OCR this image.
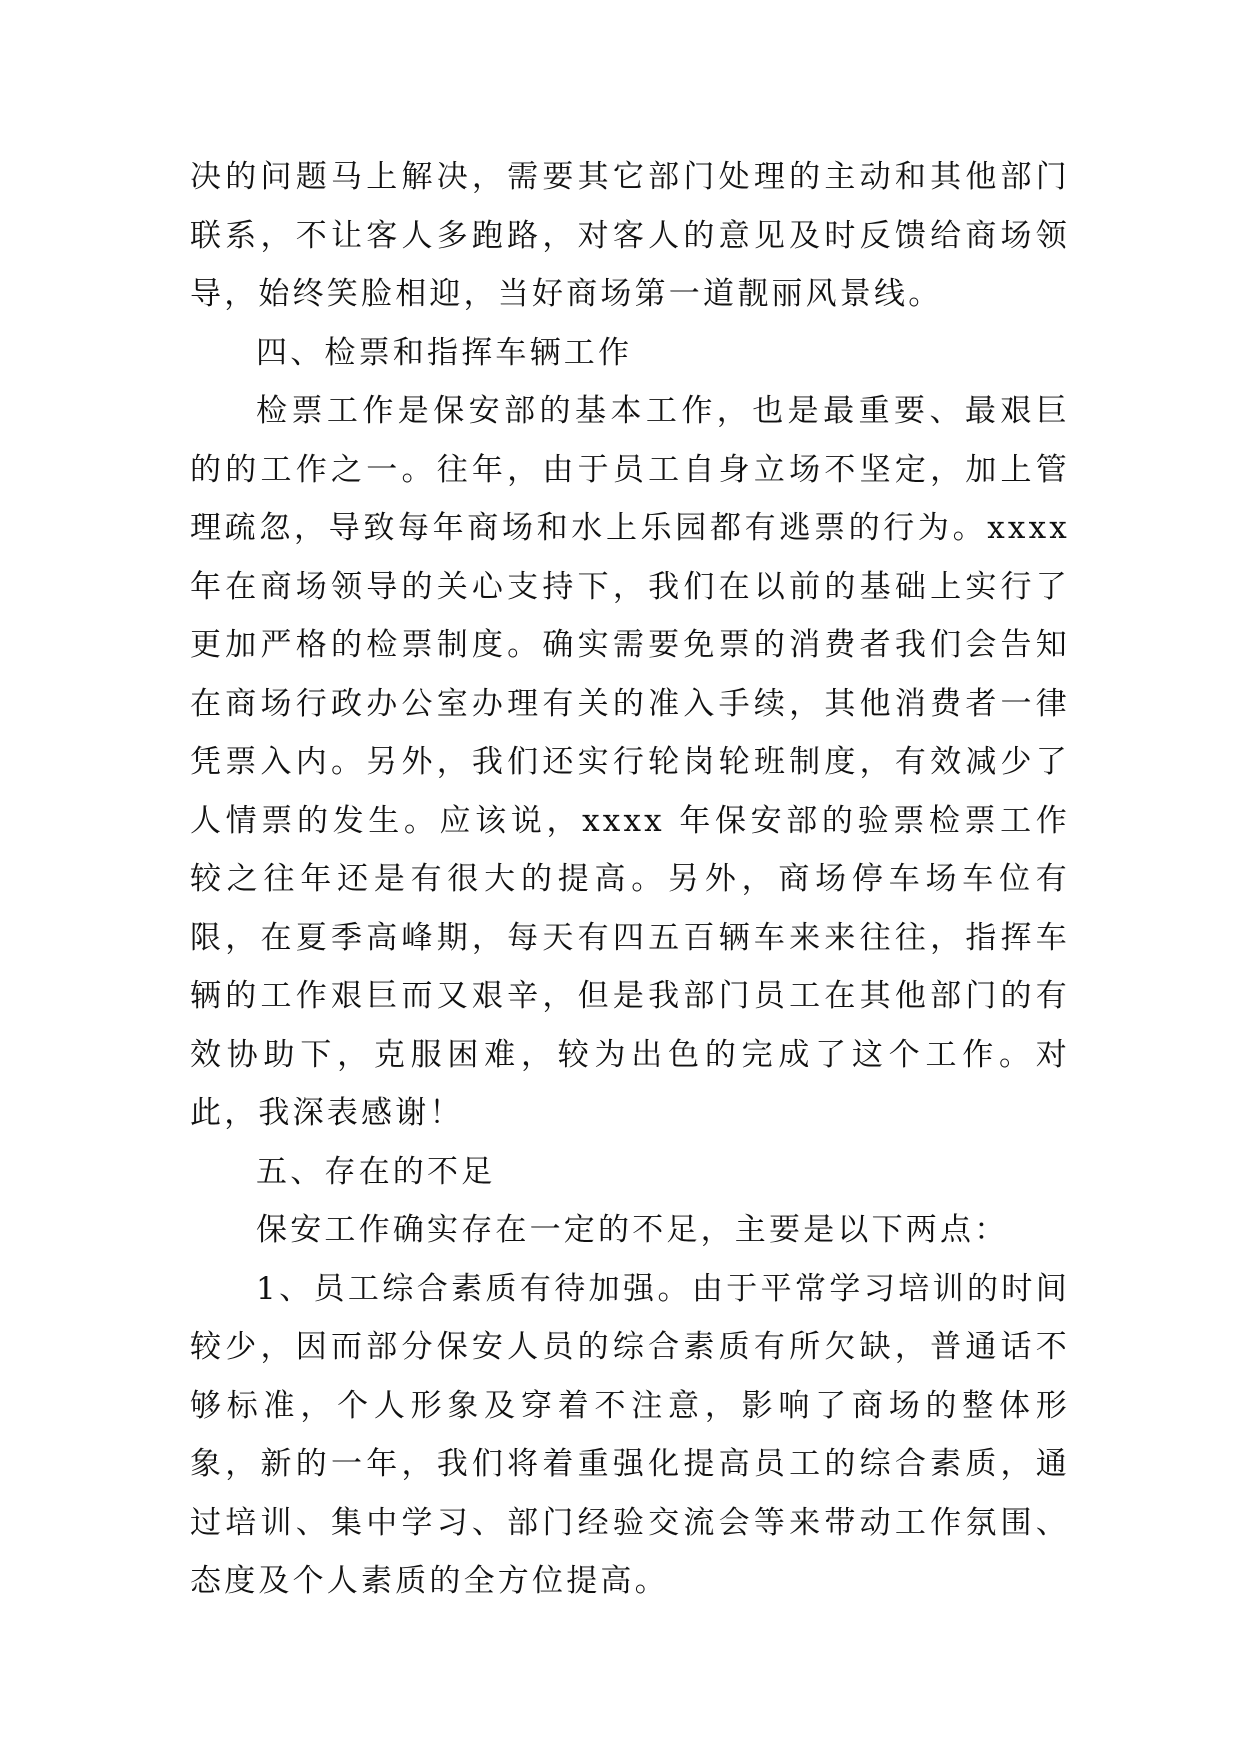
决的问题马上解决，需要其它部门处理的主动和其他部门联系，不让客人多跑路，对客人的意见及时反馈给商场领导，始终笑脸相迎，当好商场第一道靓丽风景线。

四、检票和指挥车辆工作

检票工作是保安部的基本工作，也是最重要、最艰巨的的工作之一。往年，由于员工自身立场不坚定，加上管理疏忽，导致每年商场和水上乐园都有逃票的行为。xxxx 年在商场领导的关心支持下，我们在以前的基础上实行了更加严格的检票制度。确实需要免票的消费者我们会告知在商场行政办公室办理有关的准入手续，其他消费者一律凭票入内。另外，我们还实行轮岗轮班制度，有效减少了人情票的发生。应该说，xxxx 年保安部的验票检票工作较之往年还是有很大的提高。另外，商场停车场车位有限，在夏季高峰期，每天有四五百辆车来来往往，指挥车辆的工作艰巨而又艰辛，但是我部门员工在其他部门的有效协助下，克服困难，较为出色的完成了这个工作。对此，我深表感谢！

五、存在的不足

保安工作确实存在一定的不足，主要是以下两点：

1、员工综合素质有待加强。由于平常学习培训的时间较少，因而部分保安人员的综合素质有所欠缺，普通话不够标准，个人形象及穿着不注意，影响了商场的整体形象，新的一年，我们将着重强化提高员工的综合素质，通过培训、集中学习、部门经验交流会等来带动工作氛围、态度及个人素质的全方位提高。
